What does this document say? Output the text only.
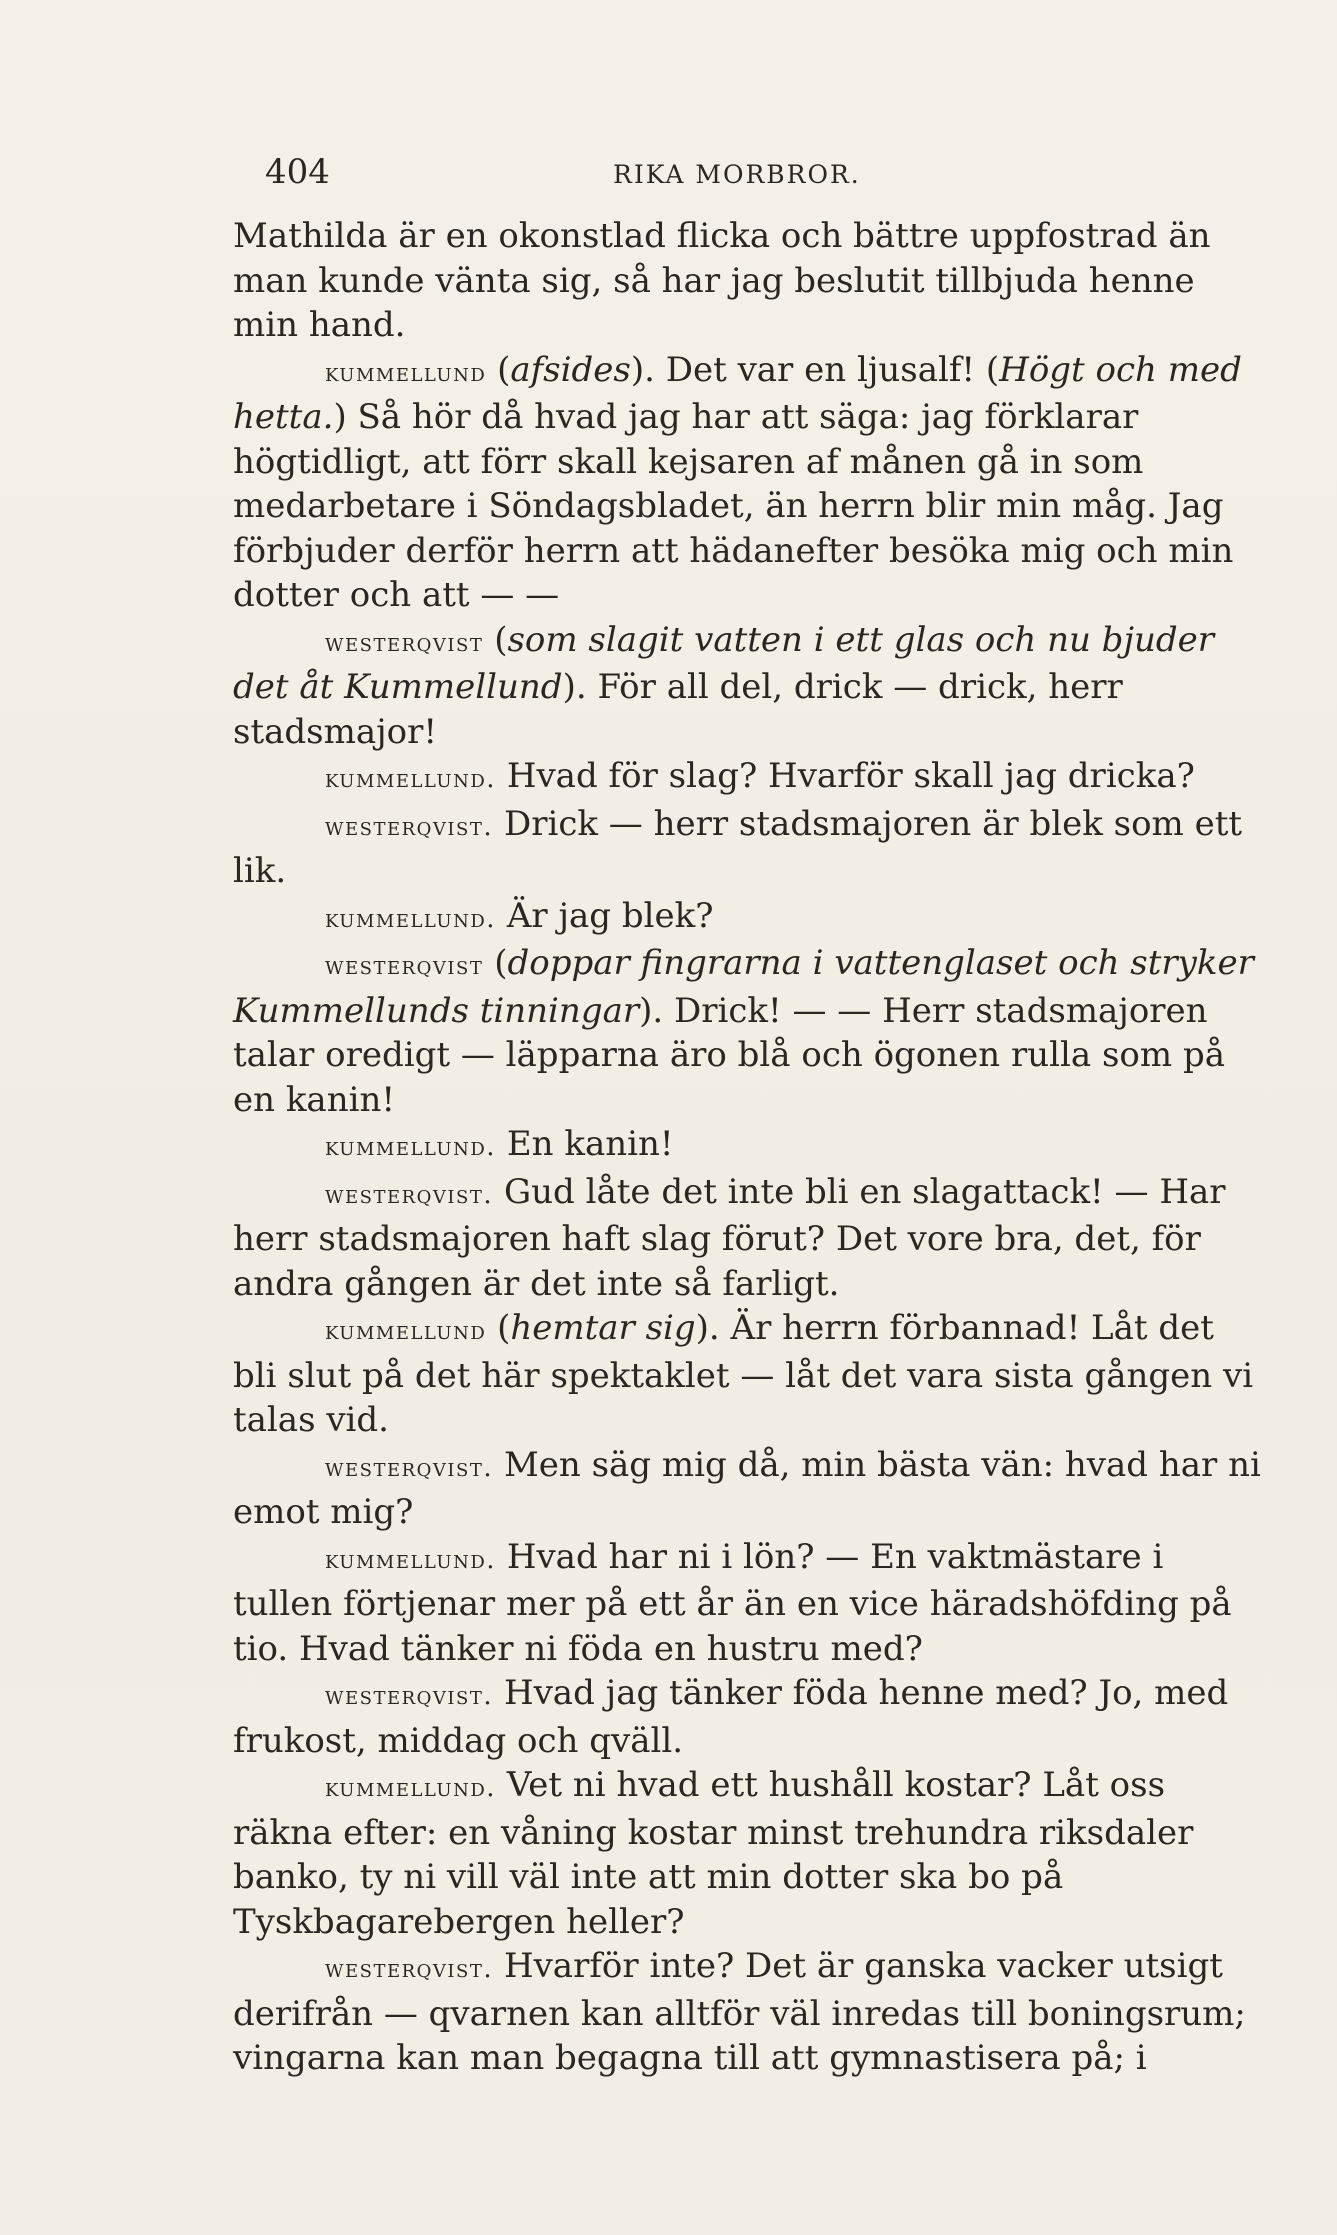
404	RIKA MORBROR.

Mathilda är en okonstlad flicka och bättre uppfostrad än man kunde vänta sig, så har jag beslutit tillbjuda henne min hand.

kummellund (afsides). Det var en ljusalf! (Högt och med hetta.) Så hör då hvad jag har att säga: jag förklarar högtidligt, att förr skall kejsaren af månen gå in som medarbetare i Söndagsbladet, än herrn blir min måg. Jag förbjuder derför herrn att hädanefter besöka mig och min dotter och att — —

westerqvist (som slagit vatten i ett glas och nu bjuder det åt Kummellund). För all del, drick — drick, herr stadsmajor!

kummellund. Hvad för slag? Hvarför skall jag dricka?

westerqvist. Drick — herr stadsmajoren är blek som ett lik.

kummellund. Är jag blek?

westerqvist (doppar fingrarna i vattenglaset och stryker Kummellunds tinningar). Drick! — — Herr stadsmajoren talar oredigt — läpparna äro blå och ögonen rulla som på en kanin!

kummellund. En kanin!

westerqvist. Gud låte det inte bli en slagattack! — Har herr stadsmajoren haft slag förut? Det vore bra, det, för andra gången är det inte så farligt.

kummellund (hemtar sig). Är herrn förbannad! Låt det bli slut på det här spektaklet — låt det vara sista gången vi talas vid.

westerqvist. Men säg mig då, min bästa vän: hvad har ni emot mig?

kummellund. Hvad har ni i lön? — En vaktmästare i tullen förtjenar mer på ett år än en vice häradshöfding på tio. Hvad tänker ni föda en hustru med?

westerqvist. Hvad jag tänker föda henne med? Jo, med frukost, middag och qväll.

kummellund. Vet ni hvad ett hushåll kostar? Låt oss räkna efter: en våning kostar minst trehundra riksdaler banko, ty ni vill väl inte att min dotter ska bo på Tyskbagarebergen heller?

westerqvist. Hvarför inte? Det är ganska vacker utsigt derifrån — qvarnen kan alltför väl inredas till boningsrum; vingarna kan man begagna till att gymnastisera på; i
